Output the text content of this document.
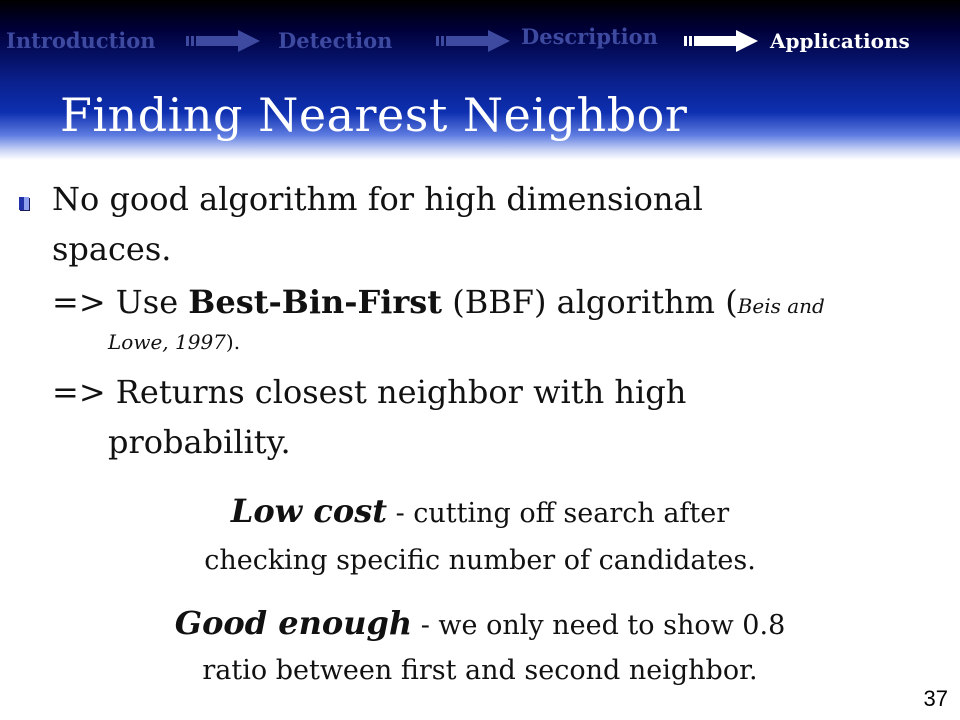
Introduction	Detection	Description	Applications
Finding Nearest Neighbor
No good algorithm for high dimensional
spaces.
=> Use Best-Bin-First (BBF) algorithm (Beis and
Lowe, 1997).
=> Returns closest neighbor with high
probability.
Low cost - cutting off search after
checking specific number of candidates.
Good enough - we only need to show 0.8
ratio between first and second neighbor.
37
